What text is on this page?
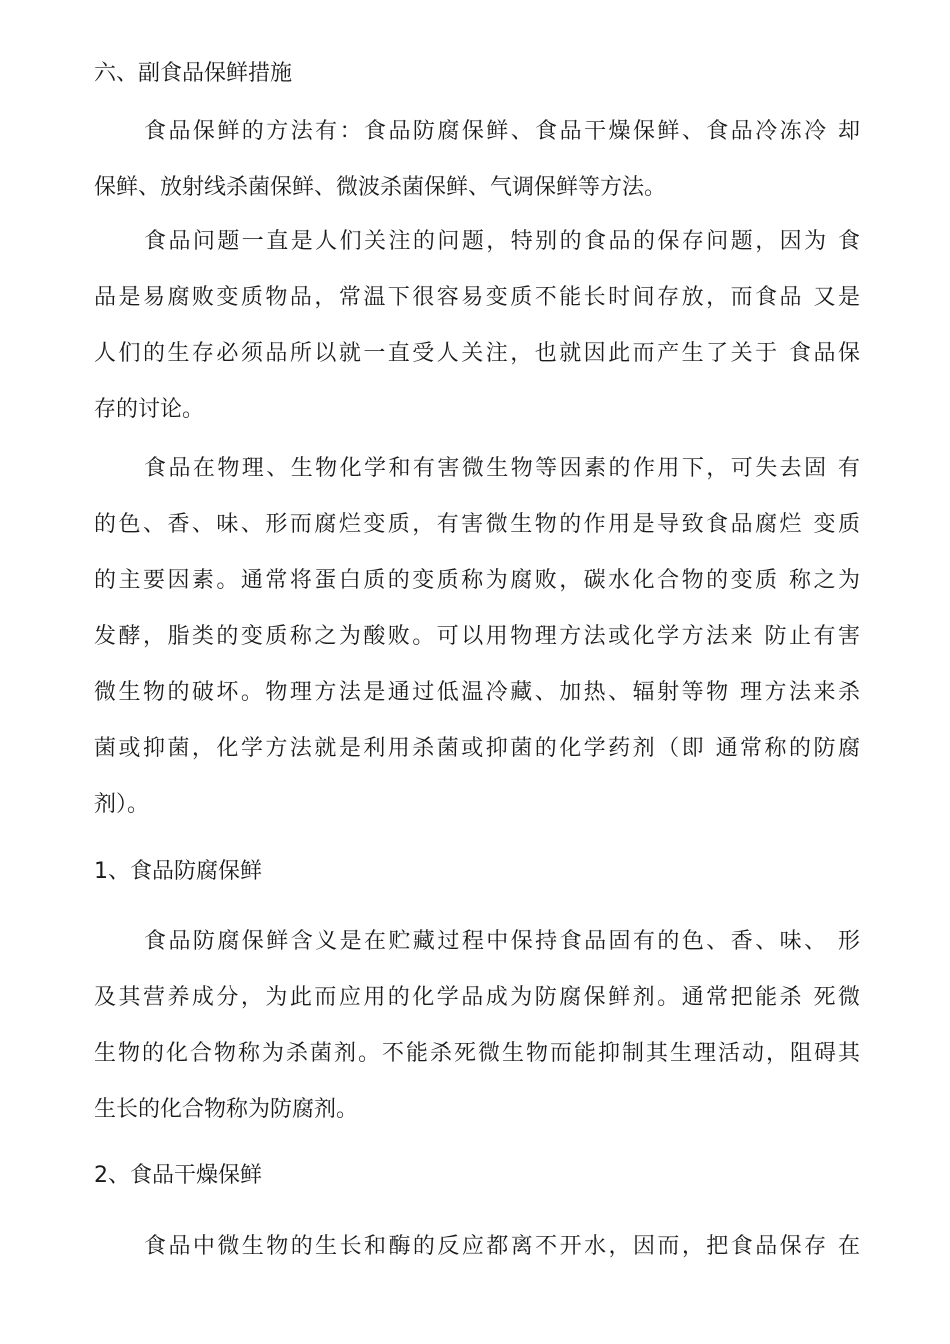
六、副食品保鲜措施
食品保鲜的方法有：食品防腐保鲜、食品干燥保鲜、食品冷冻冷 却
保鲜、放射线杀菌保鲜、微波杀菌保鲜、气调保鲜等方法。
食品问题一直是人们关注的问题，特别的食品的保存问题，因为 食
品是易腐败变质物品，常温下很容易变质不能长时间存放，而食品 又是
人们的生存必须品所以就一直受人关注，也就因此而产生了关于 食品保
存的讨论。
食品在物理、生物化学和有害微生物等因素的作用下，可失去固 有
的色、香、味、形而腐烂变质，有害微生物的作用是导致食品腐烂 变质
的主要因素。通常将蛋白质的变质称为腐败，碳水化合物的变质 称之为
发酵，脂类的变质称之为酸败。可以用物理方法或化学方法来 防止有害
微生物的破坏。物理方法是通过低温冷藏、加热、辐射等物 理方法来杀
菌或抑菌，化学方法就是利用杀菌或抑菌的化学药剂（即 通常称的防腐
剂）。
1、食品防腐保鲜
食品防腐保鲜含义是在贮藏过程中保持食品固有的色、香、味、 形
及其营养成分，为此而应用的化学品成为防腐保鲜剂。通常把能杀 死微
生物的化合物称为杀菌剂。不能杀死微生物而能抑制其生理活动，阻碍其
生长的化合物称为防腐剂。
2、食品干燥保鲜
食品中微生物的生长和酶的反应都离不开水，因而，把食品保存 在
